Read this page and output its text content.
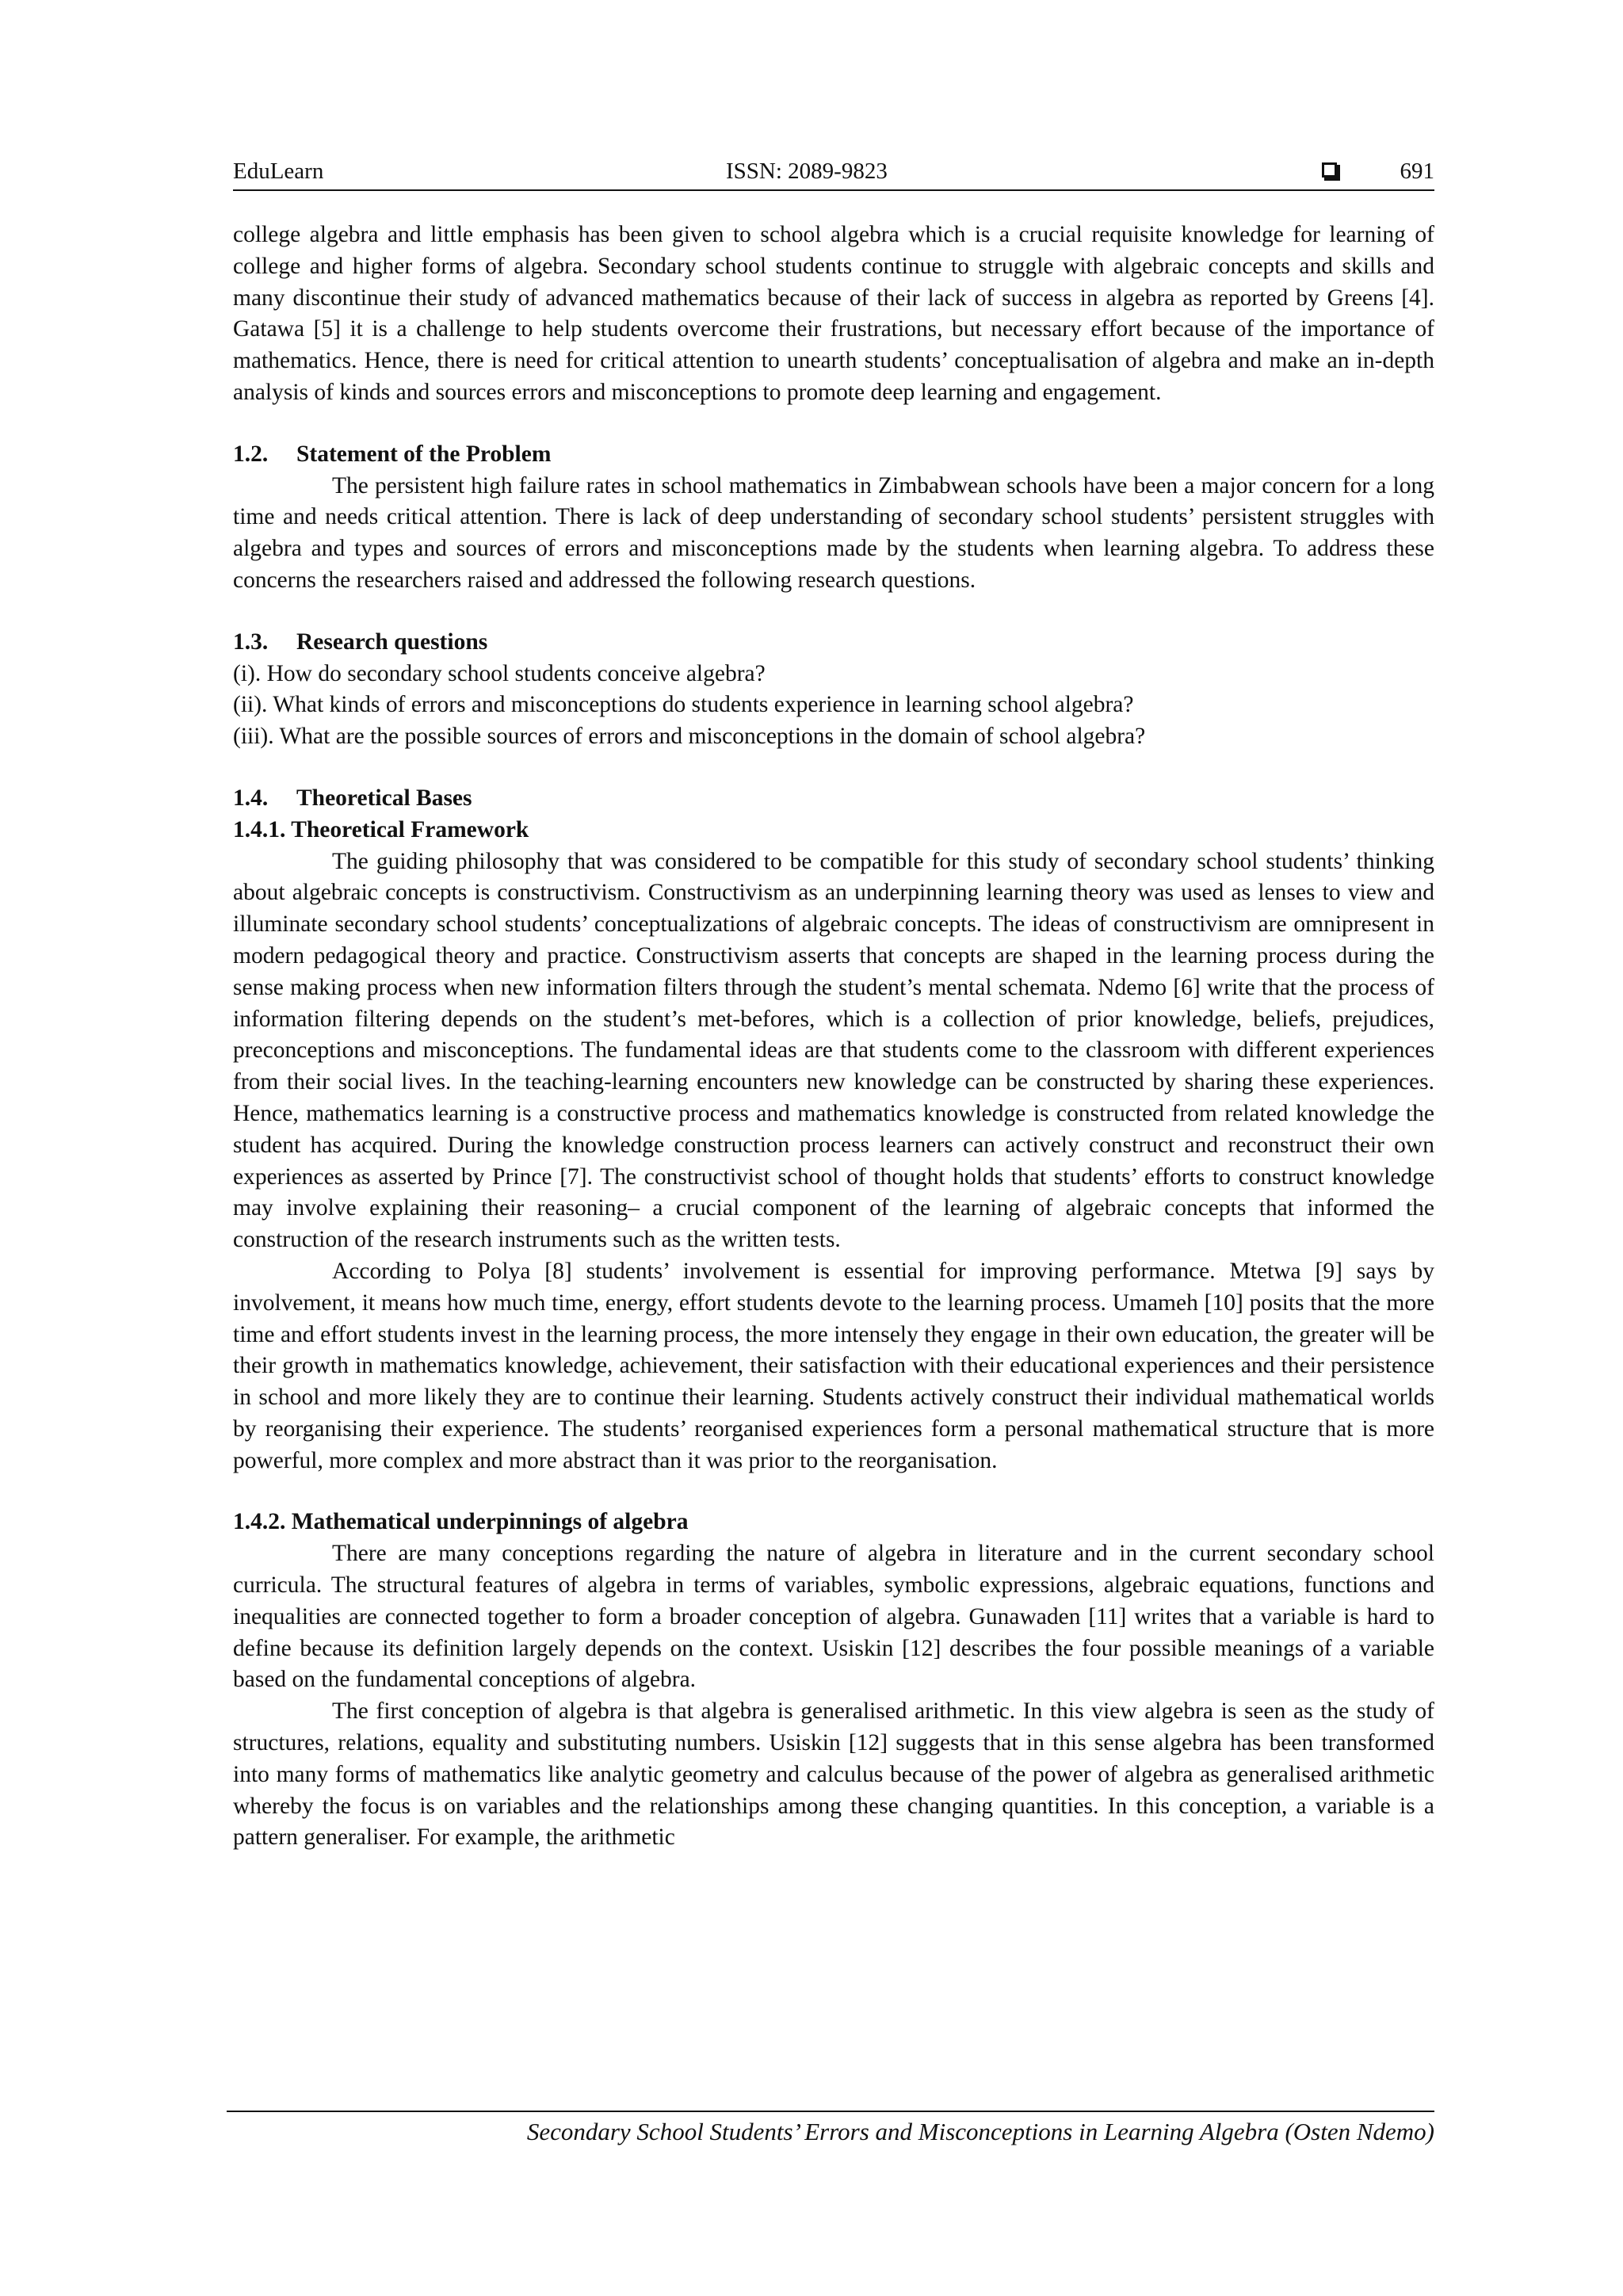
EduLearn	ISSN: 2089-9823	691

college algebra and little emphasis has been given to school algebra which is a crucial requisite knowledge for learning of college and higher forms of algebra. Secondary school students continue to struggle with algebraic concepts and skills and many discontinue their study of advanced mathematics because of their lack of success in algebra as reported by Greens [4]. Gatawa [5] it is a challenge to help students overcome their frustrations, but necessary effort because of the importance of mathematics. Hence, there is need for critical attention to unearth students’ conceptualisation of algebra and make an in-depth analysis of kinds and sources errors and misconceptions to promote deep learning and engagement.

1.2. Statement of the Problem

The persistent high failure rates in school mathematics in Zimbabwean schools have been a major concern for a long time and needs critical attention. There is lack of deep understanding of secondary school students’ persistent struggles with algebra and types and sources of errors and misconceptions made by the students when learning algebra. To address these concerns the researchers raised and addressed the following research questions.

1.3. Research questions

(i). How do secondary school students conceive algebra?

(ii). What kinds of errors and misconceptions do students experience in learning school algebra?

(iii). What are the possible sources of errors and misconceptions in the domain of school algebra?

1.4. Theoretical Bases
1.4.1. Theoretical Framework

The guiding philosophy that was considered to be compatible for this study of secondary school students’ thinking about algebraic concepts is constructivism. Constructivism as an underpinning learning theory was used as lenses to view and illuminate secondary school students’ conceptualizations of algebraic concepts. The ideas of constructivism are omnipresent in modern pedagogical theory and practice. Constructivism asserts that concepts are shaped in the learning process during the sense making process when new information filters through the student’s mental schemata. Ndemo [6] write that the process of information filtering depends on the student’s met-befores, which is a collection of prior knowledge, beliefs, prejudices, preconceptions and misconceptions. The fundamental ideas are that students come to the classroom with different experiences from their social lives. In the teaching-learning encounters new knowledge can be constructed by sharing these experiences. Hence, mathematics learning is a constructive process and mathematics knowledge is constructed from related knowledge the student has acquired. During the knowledge construction process learners can actively construct and reconstruct their own experiences as asserted by Prince [7]. The constructivist school of thought holds that students’ efforts to construct knowledge may involve explaining their reasoning– a crucial component of the learning of algebraic concepts that informed the construction of the research instruments such as the written tests.

According to Polya [8] students’ involvement is essential for improving performance. Mtetwa [9] says by involvement, it means how much time, energy, effort students devote to the learning process. Umameh [10] posits that the more time and effort students invest in the learning process, the more intensely they engage in their own education, the greater will be their growth in mathematics knowledge, achievement, their satisfaction with their educational experiences and their persistence in school and more likely they are to continue their learning. Students actively construct their individual mathematical worlds by reorganising their experience. The students’ reorganised experiences form a personal mathematical structure that is more powerful, more complex and more abstract than it was prior to the reorganisation.

1.4.2. Mathematical underpinnings of algebra

There are many conceptions regarding the nature of algebra in literature and in the current secondary school curricula. The structural features of algebra in terms of variables, symbolic expressions, algebraic equations, functions and inequalities are connected together to form a broader conception of algebra. Gunawaden [11] writes that a variable is hard to define because its definition largely depends on the context. Usiskin [12] describes the four possible meanings of a variable based on the fundamental conceptions of algebra.

The first conception of algebra is that algebra is generalised arithmetic. In this view algebra is seen as the study of structures, relations, equality and substituting numbers. Usiskin [12] suggests that in this sense algebra has been transformed into many forms of mathematics like analytic geometry and calculus because of the power of algebra as generalised arithmetic whereby the focus is on variables and the relationships among these changing quantities. In this conception, a variable is a pattern generaliser. For example, the arithmetic

Secondary School Students’ Errors and Misconceptions in Learning Algebra (Osten Ndemo)
